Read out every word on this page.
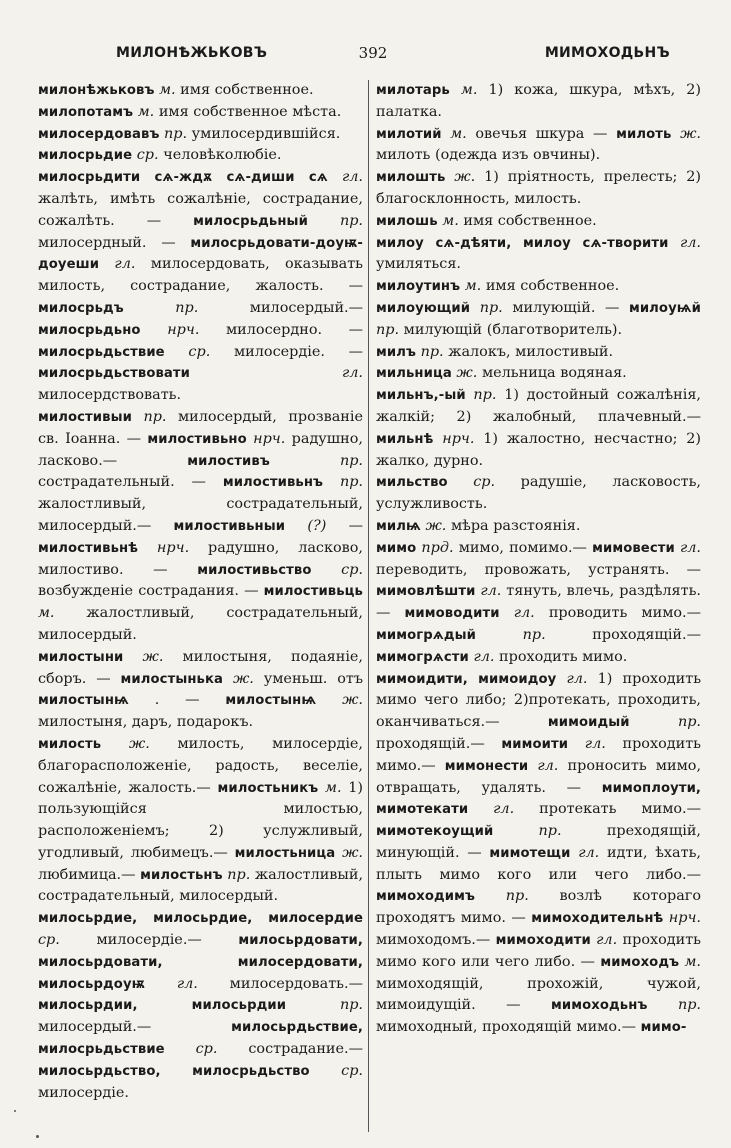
МИЛОНѢЖЬКОВЪ	392	МИМОХОДЬНЪ

милонѣжьковъ м. имя собственное.

милопотамъ м. имя собственное мѣста.

милосердовавъ пр. умилосердившійся.

милосрьдие ср. человѣколюбіе.

милосрьдити сѧ-ждѫ сѧ-диши сѧ гл. жалѣть, имѣть сожалѣніе, сострадание, сожалѣть. — милосрьдьный пр. милосердный. — милосрьдовати-доуѭ-доуеши гл. милосердовать, оказывать милость, сострадание, жалость. — милосрьдъ	пр.	милосердый.— милосрьдьно нрч. милосердно. — милосрьдьствие ср. милосердіе. — милосрьдьствовати	гл. милосердствовать.

милостивыи пр. милосердый, прозваніе св. Іоанна. — милостивьно нрч. радушно, ласково.—	милостивъ	пр. сострадательный. — милостивьнъ пр. жалостливый, сострадательный, милосердый.— милостивьныи (?) — милостивьнѣ нрч. радушно, ласково, милостиво. — милостивьство ср. возбужденіе сострадания. — милостивьць м. жалостливый, сострадательный, милосердый.

милостыни ж. милостыня, подаяніе, сборъ. — милостынька ж. уменьш. отъ милостынѩ . — милостынѩ ж. милостыня, даръ, подарокъ.

милость ж. милость, милосердіе, благорасположеніе, радость, веселіе, сожалѣніе, жалость.— милостьникъ м. 1) пользующійся милостью, расположеніемъ; 2) услужливый, угодливый, любимецъ.— милостьница ж. любимица.— милостьнъ пр. жалостливый, сострадательный, милосердый.

милосьрдие, милосьрдие, милосердие ср.	милосердіе.—	милосьрдовати, милосьрдовати, милосердовати, милосьрдоуѭ гл. милосердовать.— милосьрдии, милосьрдии	пр. милосердый.—	милосьрдьствие, милосрьдьствие ср. сострадание.— милосьрдьство, милосрьдьство ср. милосердіе.

милотарь м. 1) кожа, шкура, мѣхъ, 2) палатка.

милотий м. овечья шкура — милоть ж. милоть (одежда изъ овчины).

милошть ж. 1) пріятность, прелесть; 2) благосклонность, милость.

милошь м. имя собственное.

милоу сѧ-дѣяти, милоу сѧ-творити гл. умиляться.

милоутинъ м. имя собственное.

милоующий пр. милующій. — милоуѩй пр. милующій (благотворитель).

милъ пр. жалокъ, милостивый.

мильница ж. мельница водяная.

мильнъ,-ый пр. 1) достойный сожалѣнія, жалкій; 2) жалобный, плачевный.— мильнѣ нрч. 1) жалостно, несчастно; 2) жалко, дурно.

мильство ср. радушіе, ласковость, услужливость.

милѩ ж. мѣра разстоянія.

мимо прд. мимо, помимо.— мимовести гл. переводить, провожать, устранять. — мимовлѣшти гл. тянуть, влечь, раздѣлять.— мимоводити гл. проводить мимо.— мимогрѧдый	пр.	проходящій.— мимогрѧсти гл. проходить мимо.

мимоидити, мимоидоу гл. 1) проходить мимо чего либо; 2)протекать, проходить, оканчиваться.—	мимоидый	пр. проходящій.— мимоити гл. проходить мимо.— мимонести гл. проносить мимо, отвращать, удалять. — мимоплоути, мимотекати гл. протекать мимо.— мимотекоущий	пр.	преходящій, минующій. — мимотещи гл. идти, ѣхать, плыть мимо кого или чего либо.— мимоходимъ пр. возлѣ котораго проходятъ мимо. — мимоходительнѣ нрч. мимоходомъ.— мимоходити гл. проходить мимо кого или чего либо. — мимоходъ м. мимоходящій, прохожій, чужой, мимоидущій. — мимоходьнъ пр. мимоходный, проходящій мимо.— мимо-
